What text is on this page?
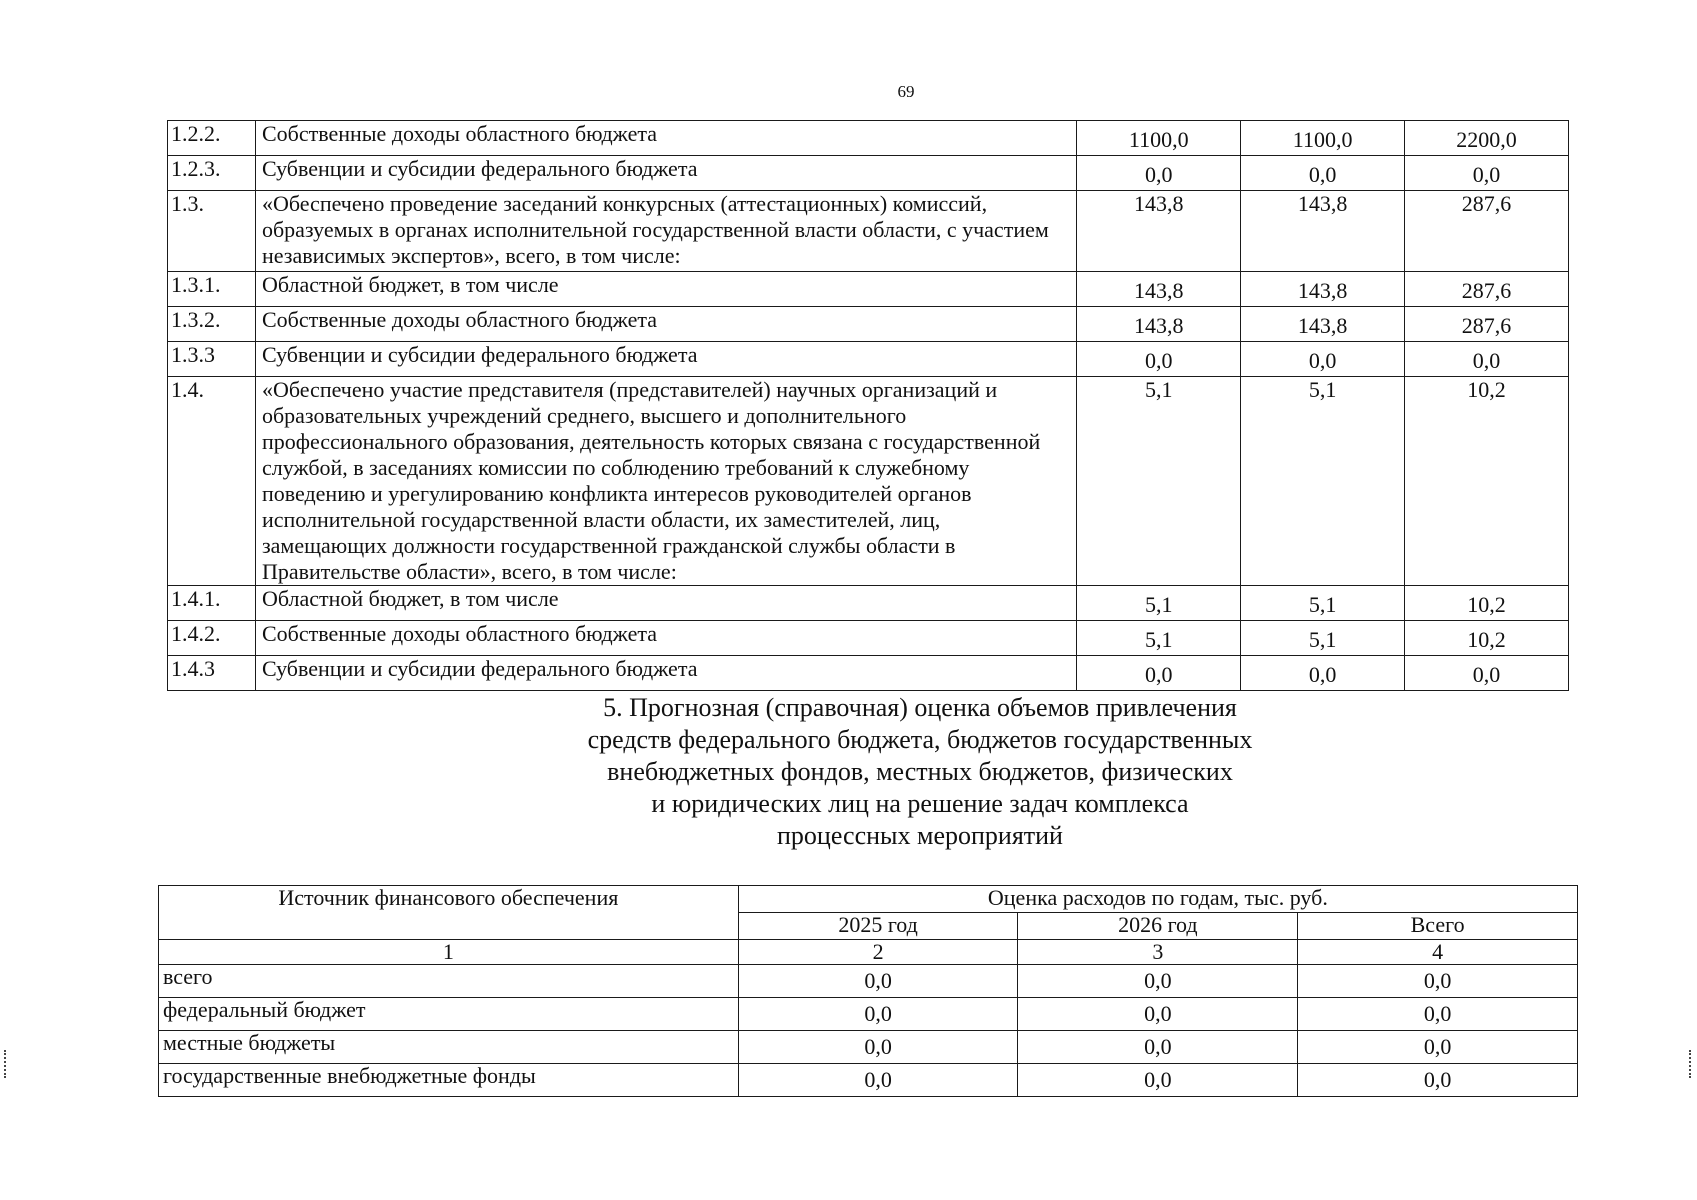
69
1.2.2.	Собственные доходы областного бюджета	1100,0	1100,0	2200,0
1.2.3.	Субвенции и субсидии федерального бюджета	0,0	0,0	0,0
1.3.	«Обеспечено проведение заседаний конкурсных (аттестационных) комиссий, образуемых в органах исполнительной государственной власти области, с участием независимых экспертов», всего, в том числе:	143,8	143,8	287,6
1.3.1.	Областной бюджет, в том числе	143,8	143,8	287,6
1.3.2.	Собственные доходы областного бюджета	143,8	143,8	287,6
1.3.3	Субвенции и субсидии федерального бюджета	0,0	0,0	0,0
1.4.	«Обеспечено участие представителя (представителей) научных организаций и образовательных учреждений среднего, высшего и дополнительного профессионального образования, деятельность которых связана с государственной службой, в заседаниях комиссии по соблюдению требований к служебному поведению и урегулированию конфликта интересов руководителей органов исполнительной государственной власти области, их заместителей, лиц, замещающих должности государственной гражданской службы области в Правительстве области», всего, в том числе:	5,1	5,1	10,2
1.4.1.	Областной бюджет, в том числе	5,1	5,1	10,2
1.4.2.	Собственные доходы областного бюджета	5,1	5,1	10,2
1.4.3	Субвенции и субсидии федерального бюджета	0,0	0,0	0,0
5. Прогнозная (справочная) оценка объемов привлечения
средств федерального бюджета, бюджетов государственных
внебюджетных фондов, местных бюджетов, физических
и юридических лиц на решение задач комплекса
процессных мероприятий
Источник финансового обеспечения	Оценка расходов по годам, тыс. руб.		
	2025 год	2026 год	Всего
1	2	3	4
всего	0,0	0,0	0,0
федеральный бюджет	0,0	0,0	0,0
местные бюджеты	0,0	0,0	0,0
государственные внебюджетные фонды	0,0	0,0	0,0
